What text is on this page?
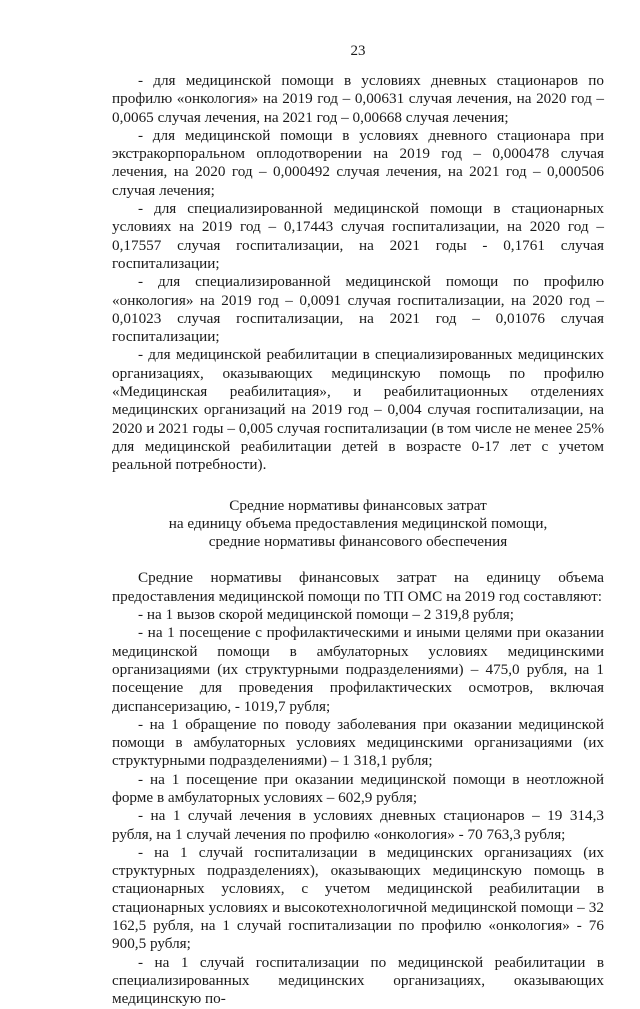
23

- для медицинской помощи в условиях дневных стационаров по профилю «онкология» на 2019 год – 0,00631 случая лечения, на 2020 год – 0,0065 случая лечения, на 2021 год – 0,00668 случая лечения;

- для медицинской помощи в условиях дневного стационара при экстракорпоральном оплодотворении на 2019 год – 0,000478 случая лечения, на 2020 год – 0,000492 случая лечения, на 2021 год – 0,000506 случая лечения;

- для специализированной медицинской помощи в стационарных условиях на 2019 год – 0,17443 случая госпитализации, на 2020 год – 0,17557 случая госпитализации, на 2021 годы - 0,1761 случая госпитализации;

- для специализированной медицинской помощи по профилю «онкология» на 2019 год – 0,0091 случая госпитализации, на 2020 год – 0,01023 случая госпитализации, на 2021 год – 0,01076 случая госпитализации;

- для медицинской реабилитации в специализированных медицинских организациях, оказывающих медицинскую помощь по профилю «Медицинская реабилитация», и реабилитационных отделениях медицинских организаций на 2019 год – 0,004 случая госпитализации, на 2020 и 2021 годы – 0,005 случая госпитализации (в том числе не менее 25% для медицинской реабилитации детей в возрасте 0-17 лет с учетом реальной потребности).

Средние нормативы финансовых затрат
на единицу объема предоставления медицинской помощи,
средние нормативы финансового обеспечения

Средние нормативы финансовых затрат на единицу объема предоставления медицинской помощи по ТП ОМС на 2019 год составляют:

- на 1 вызов скорой медицинской помощи – 2 319,8 рубля;

- на 1 посещение с профилактическими и иными целями при оказании медицинской помощи в амбулаторных условиях медицинскими организациями (их структурными подразделениями) – 475,0 рубля, на 1 посещение для проведения профилактических осмотров, включая диспансеризацию, - 1019,7 рубля;

- на 1 обращение по поводу заболевания при оказании медицинской помощи в амбулаторных условиях медицинскими организациями (их структурными подразделениями) – 1 318,1 рубля;

- на 1 посещение при оказании медицинской помощи в неотложной форме в амбулаторных условиях – 602,9 рубля;

- на 1 случай лечения в условиях дневных стационаров – 19 314,3 рубля, на 1 случай лечения по профилю «онкология» - 70 763,3 рубля;

- на 1 случай госпитализации в медицинских организациях (их структурных подразделениях), оказывающих медицинскую помощь в стационарных условиях, с учетом медицинской реабилитации в стационарных условиях и высокотехнологичной медицинской помощи – 32 162,5 рубля, на 1 случай госпитализации по профилю «онкология» - 76 900,5 рубля;

- на 1 случай госпитализации по медицинской реабилитации в специализированных медицинских организациях, оказывающих медицинскую по-
